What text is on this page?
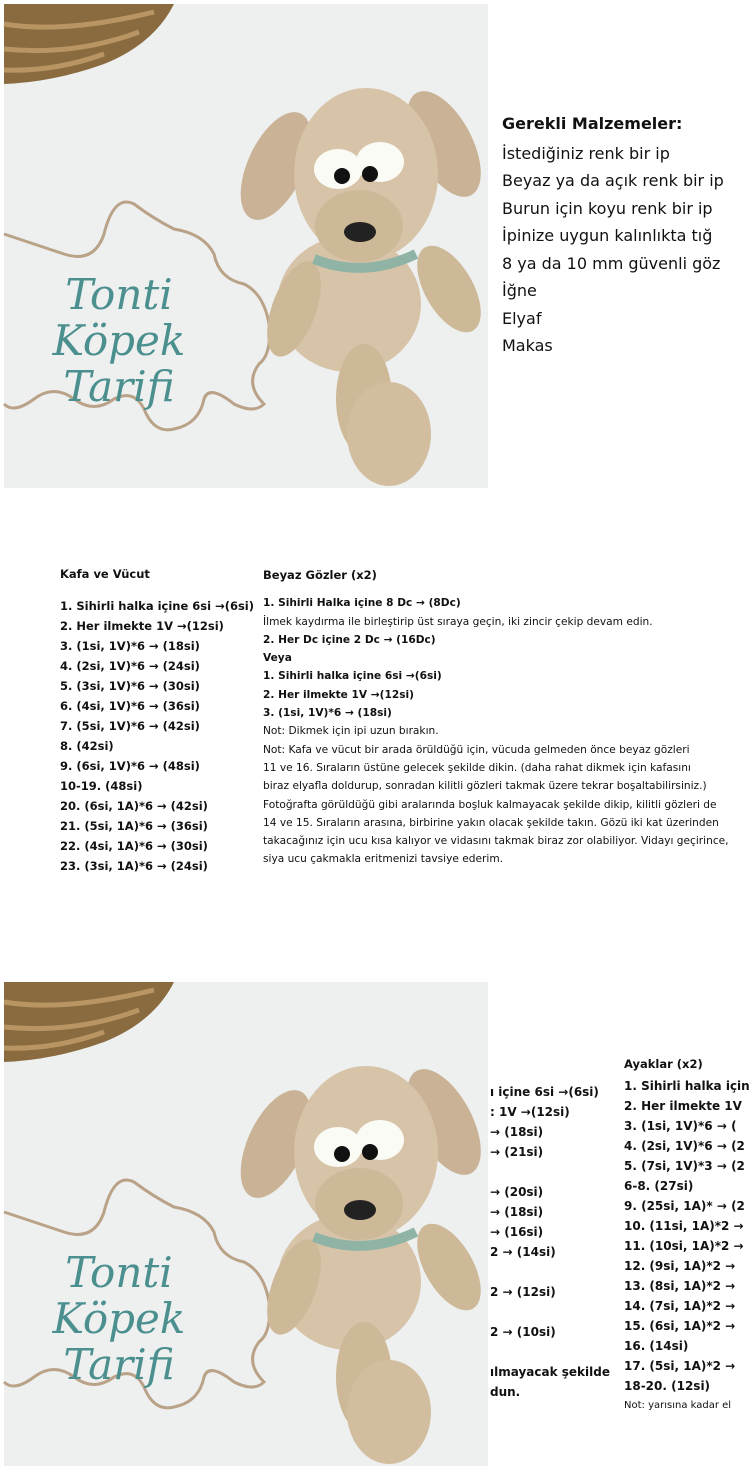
Tonti Köpek
Tarifi
Gerekli Malzemeler:
İstediğiniz renk bir ip
Beyaz ya da açık renk bir ip
Burun için koyu renk bir ip
İpinize uygun kalınlıkta tığ
8 ya da 10 mm güvenli göz
İğne
Elyaf
Makas
Kafa ve Vücut
1. Sihirli halka içine 6si →(6si)
2. Her ilmekte 1V →(12si)
3. (1si, 1V)*6 → (18si)
4. (2si, 1V)*6 → (24si)
5. (3si, 1V)*6 → (30si)
6. (4si, 1V)*6 → (36si)
7. (5si, 1V)*6 → (42si)
8. (42si)
9. (6si, 1V)*6 → (48si)
10-19. (48si)
20. (6si, 1A)*6 → (42si)
21. (5si, 1A)*6 → (36si)
22. (4si, 1A)*6 → (30si)
23. (3si, 1A)*6 → (24si)
Beyaz Gözler (x2)
1. Sihirli Halka içine 8 Dc → (8Dc)
İlmek kaydırma ile birleştirip üst sıraya geçin, iki zincir çekip devam edin.
2. Her Dc içine 2 Dc → (16Dc)
Veya
1. Sihirli halka içine 6si →(6si)
2. Her ilmekte 1V →(12si)
3. (1si, 1V)*6 → (18si)
Not: Dikmek için ipi uzun bırakın.
Not: Kafa ve vücut bir arada örüldüğü için, vücuda gelmeden önce beyaz gözleri
11 ve 16. Sıraların üstüne gelecek şekilde dikin. (daha rahat dikmek için kafasını
biraz elyafla doldurup, sonradan kilitli gözleri takmak üzere tekrar boşaltabilirsiniz.)
Fotoğrafta görüldüğü gibi aralarında boşluk kalmayacak şekilde dikip, kilitli gözleri de
14 ve 15. Sıraların arasına, birbirine yakın olacak şekilde takın. Gözü iki kat üzerinden
takacağınız için ucu kısa kalıyor ve vidasını takmak biraz zor olabiliyor. Vidayı geçirince,
siya ucu çakmakla eritmenizi tavsiye ederim.
Tonti Köpek
Tarifi
ı içine 6si →(6si)
: 1V →(12si)
→ (18si)
→ (21si)

→ (20si)
→ (18si)
→ (16si)
2 → (14si)

2 → (12si)

2 → (10si)

ılmayacak şekilde
dun.
Ayaklar (x2)
1. Sihirli halka için
2. Her ilmekte 1V
3. (1si, 1V)*6 → (
4. (2si, 1V)*6 → (2
5. (7si, 1V)*3 → (2
6-8. (27si)
9. (25si, 1A)* → (2
10. (11si, 1A)*2 →
11. (10si, 1A)*2 →
12. (9si, 1A)*2 →
13. (8si, 1A)*2 →
14. (7si, 1A)*2 →
15. (6si, 1A)*2 →
16. (14si)
17. (5si, 1A)*2 →
18-20. (12si)
Not: yarısına kadar el
